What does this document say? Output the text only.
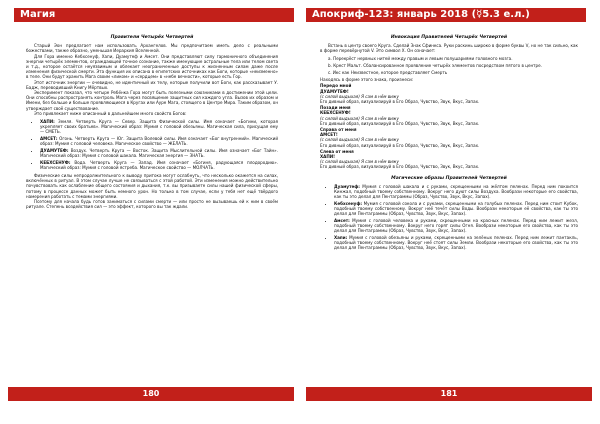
Магия
Правители Четырёх Четвертей

Старый Эон предлагает нам использовать Архангелов. Мы предпочитаем иметь дело с реальными божествами, также образно, уменьшая Иерархия Вселенной.

Для Гора именно Кебхсенуф, Хапи, Дуамутеф и Амсет. Они представляют силу гармоничного объединения энергии четырёх элементов, ограждающей точное сознание, также именующие астральные тела или телом света и т.д., которое остаётся неуязвимым и облекает неограниченные доступы к жизненным силам даже после изменения физической смерти. Эта функция их описана в египетских источниках как Боги, которые «неизменно» в теле. Они будут хранить Мага своим «ликом» и «сердцем» в «небе вечности», которые есть Гор.

Этот источник энергии — очевидно, не идентичный их телу, которые получили вот Боги, как рассказывает У. Бадж, переводивший Книгу Мёртвых.

Эксперимент показал, что четыре Ребёнка Гора могут быть полезными союзниками в достижении этой цели. Они способны распространять контроль Мага через посвящение защитных сил каждого угла. Вызов их образом и Имени, без больше и больше проявляющиеся в Кругах или Ауре Мага, стоящего в Центре Мира. Таким образом, он утверждает своё существование.

Это привлекает ниже описанный в дальнейшем много свойств Богов:

• ХАПИ: Земля. Четверть Круга — Север. Защита Физической силы. Имя означает «Богини, которая укрепляет своих братьев». Магический образ: Мумия с головой обезьяны. Магическая сила, присущая ему — СМЕТЬ.
• АМСЕТ: Огонь. Четверть Круга — Юг. Защита Волевой силы. Имя означает «Бог внутренний». Магический образ: Мумия с головой человека. Магическое свойство — ЖЕЛАТЬ.
• ДУАМУТЕФ: Воздух. Четверть Круга — Восток. Защита Мыслительной силы. Имя означает «Бог Тайн». Магический образ: Мумия с головой шакала. Магическая энергия — ЗНАТЬ.
• КЕБХСЕНУФ: Вода. Четверть Круга — Запад. Имя означает «Богиня, радующаяся плодородию». Магический образ: Мумия с головой ястреба. Магическое свойство — МОЛЧАТЬ.

Физические силы непродолжительного к выводу притока могут ослабнуть, что несколько окажется на силах, включённых в ритуал. В этом случае лучше не связываться с этой работой. Эти изменения можно действительно почувствовать как ослабление общего состояния и дыхания, т.к. вы призываете силы нашей физической сферы, потому в процессе данных может быть немного урон. Но только в том случае, если у тебя нет ещё твёрдого намерения работать с темами энергиями.

Поэтому для начала будь готов заниматься с силами смерти — или просто не вызываешь ей к ним в своём ритуале. Степень воздействия сил — это эффект, которого вы так ждали.

180
Апокриф-123: январь 2018 (☿5.3 е.л.)
Инвокация Правителей Четырёх Четвертей

Встань в центр своего Круга. Сделай Знак Сфинкса. Руки раскинь широко в форме буквы V, но не так сильно, как в форме перевёрнутой V. Это символ X. Он означает:

a. Перекрёст нервных нитей между правым и левым полушариями головного мозга.
b. Крест Мальт. Сбалансированное проявление четырёх элементов посредством пятого в центре.
c. Икс как Неизвестное, которое представляет Смерть
Находясь в форме этого знака, произнеси:
Передо мной
ДУАМУТЕФ!
(с силой выдыхая) Я сам в нём вижу
Его дивный образ, визуализируй в Его Образ, Чувство, Звук, Вкус, Запах.
Позади меня
КЕБХСЕНУФ!
(с силой выдыхая) Я сам в нём вижу
Его дивный образ, визуализируй в Его Образ, Чувство, Звук, Вкус, Запах.
Справа от меня
АМСЕТ!
(с силой выдыхая) Я сам в нём вижу
Его дивный образ, визуализируй в Его Образ, Чувство, Звук, Вкус, Запах.
Слева от меня
ХАПИ!
(с силой выдыхая) Я сам в нём вижу
Его дивный образ, визуализируй в Его Образ, Чувство, Звук, Вкус, Запах.
Магические образы Правителей Четвертей
• Дуамутеф: Мумия с головой шакала и с руками, скрещенными на жёлтом пеленах. Перед ним покоится Кинжал, подобный твоему собственному. Вокруг него дуют силы Воздуха. Вообрази некоторые его свойства, как ты это делал для Пентаграммы (Образ, Чувство, Звук, Вкус, Запах).
• Кебхсенуф: Мумия с головой сокола и с руками, скрещенными на голубых пеленах. Перед ним стоит Кубок, подобный твоему собственному. Вокруг неё течёт силы Воды. Вообрази некоторые её свойства, как ты это делал для Пентаграммы (Образ, Чувство, Звук, Вкус, Запах).
• Амсет: Мумия с головой человека и руками, скрещенными на красных пеленах. Перед ним лежит жезл, подобный твоему собственному. Вокруг него горят силы Огня. Вообрази некоторые его свойства, как ты это делал для Пентаграммы (Образ, Чувство, Звук, Вкус, Запах).
• Хапи: Мумия с головой обезьяны и руками, скрещенными на зелёных пеленах. Перед ним лежит пантакль, подобный твоему собственному. Вокруг неё стоят силы Земли. Вообрази некоторые его свойства, как ты это делал для Пентаграммы (Образ, Чувство, Звук, Вкус, Запах).
181
